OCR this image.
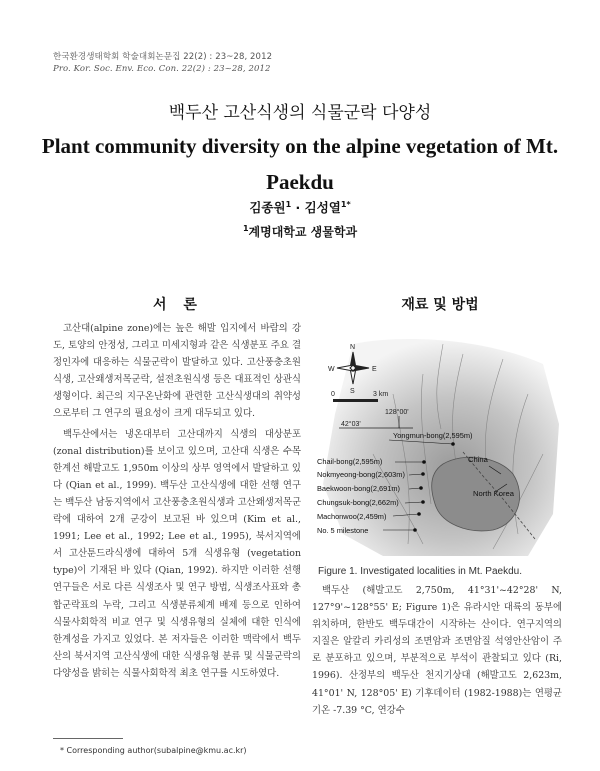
한국환경생태학회 학술대회논문집 22(2) : 23~28, 2012
Pro. Kor. Soc. Env. Eco. Con. 22(2) : 23~28, 2012
백두산 고산식생의 식물군락 다양성
Plant community diversity on the alpine vegetation of Mt. Paekdu
김종원$^1$ · 김성열$^{1*}$
$^1$계명대학교 생물학과
서 론	재료 및 방법

고산대(alpine zone)에는 높은 해발 입지에서 바람의 강도, 토양의 안정성, 그리고 미세지형과 같은 식생분포 주요 결정인자에 대응하는 식물군락이 발달하고 있다. 고산풍충초원식생, 고산왜생저목군락, 설전초원식생 등은 대표적인 상관식생형이다. 최근의 지구온난화에 관련한 고산식생대의 취약성으로부터 그 연구의 필요성이 크게 대두되고 있다.

백두산에서는 냉온대부터 고산대까지 식생의 대상분포(zonal distribution)를 보이고 있으며, 고산대 식생은 수목한계선 해발고도 1,950m 이상의 상부 영역에서 발달하고 있다 (Qian et al., 1999). 백두산 고산식생에 대한 선행 연구는 백두산 남동지역에서 고산풍충초원식생과 고산왜생저목군락에 대하여 2개 군강이 보고된 바 있으며 (Kim et al., 1991; Lee et al., 1992; Lee et al., 1995), 북서지역에서 고산툰드라식생에 대하여 5개 식생유형 (vegetation type)이 기재된 바 있다 (Qian, 1992). 하지만 이러한 선행연구들은 서로 다른 식생조사 및 연구 방법, 식생조사표와 총합군락표의 누락, 그리고 식생분류체계 배제 등으로 인하여 식물사회학적 비교 연구 및 식생유형의 실체에 대한 인식에 한계성을 가지고 있었다. 본 저자들은 이러한 맥락에서 백두산의 북서지역 고산식생에 대한 식생유형 분류 및 식물군락의 다양성을 밝히는 식물사회학적 최초 연구를 시도하였다.

N
S
W	E
0	3 km
128°00'
42°03'
Yongmun-bong(2,595m)
Chail-bong(2,595m)
Nokmyeong-bong(2,603m)
Baekwoon-bong(2,691m)
Chungsuk-bong(2,662m)
Machonwoo(2,459m)
No. 5 milestone
China
North Korea
Figure 1. Investigated localities in Mt. Paekdu.

백두산 (해발고도 2,750m, 41°31'~42°28' N, 127°9'~128°55' E; Figure 1)은 유라시안 대륙의 동부에 위치하며, 한반도 백두대간이 시작하는 산이다. 연구지역의 지질은 알칼리 카리성의 조면암과 조면암질 석영안산암이 주로 분포하고 있으며, 부분적으로 부석이 관찰되고 있다 (Ri, 1996). 산정부의 백두산 천지기상대 (해발고도 2,623m, 41°01' N, 128°05' E) 기후데이터 (1982-1988)는 연평균기온 -7.39 °C, 연강수

* Corresponding author(subalpine@kmu.ac.kr)
